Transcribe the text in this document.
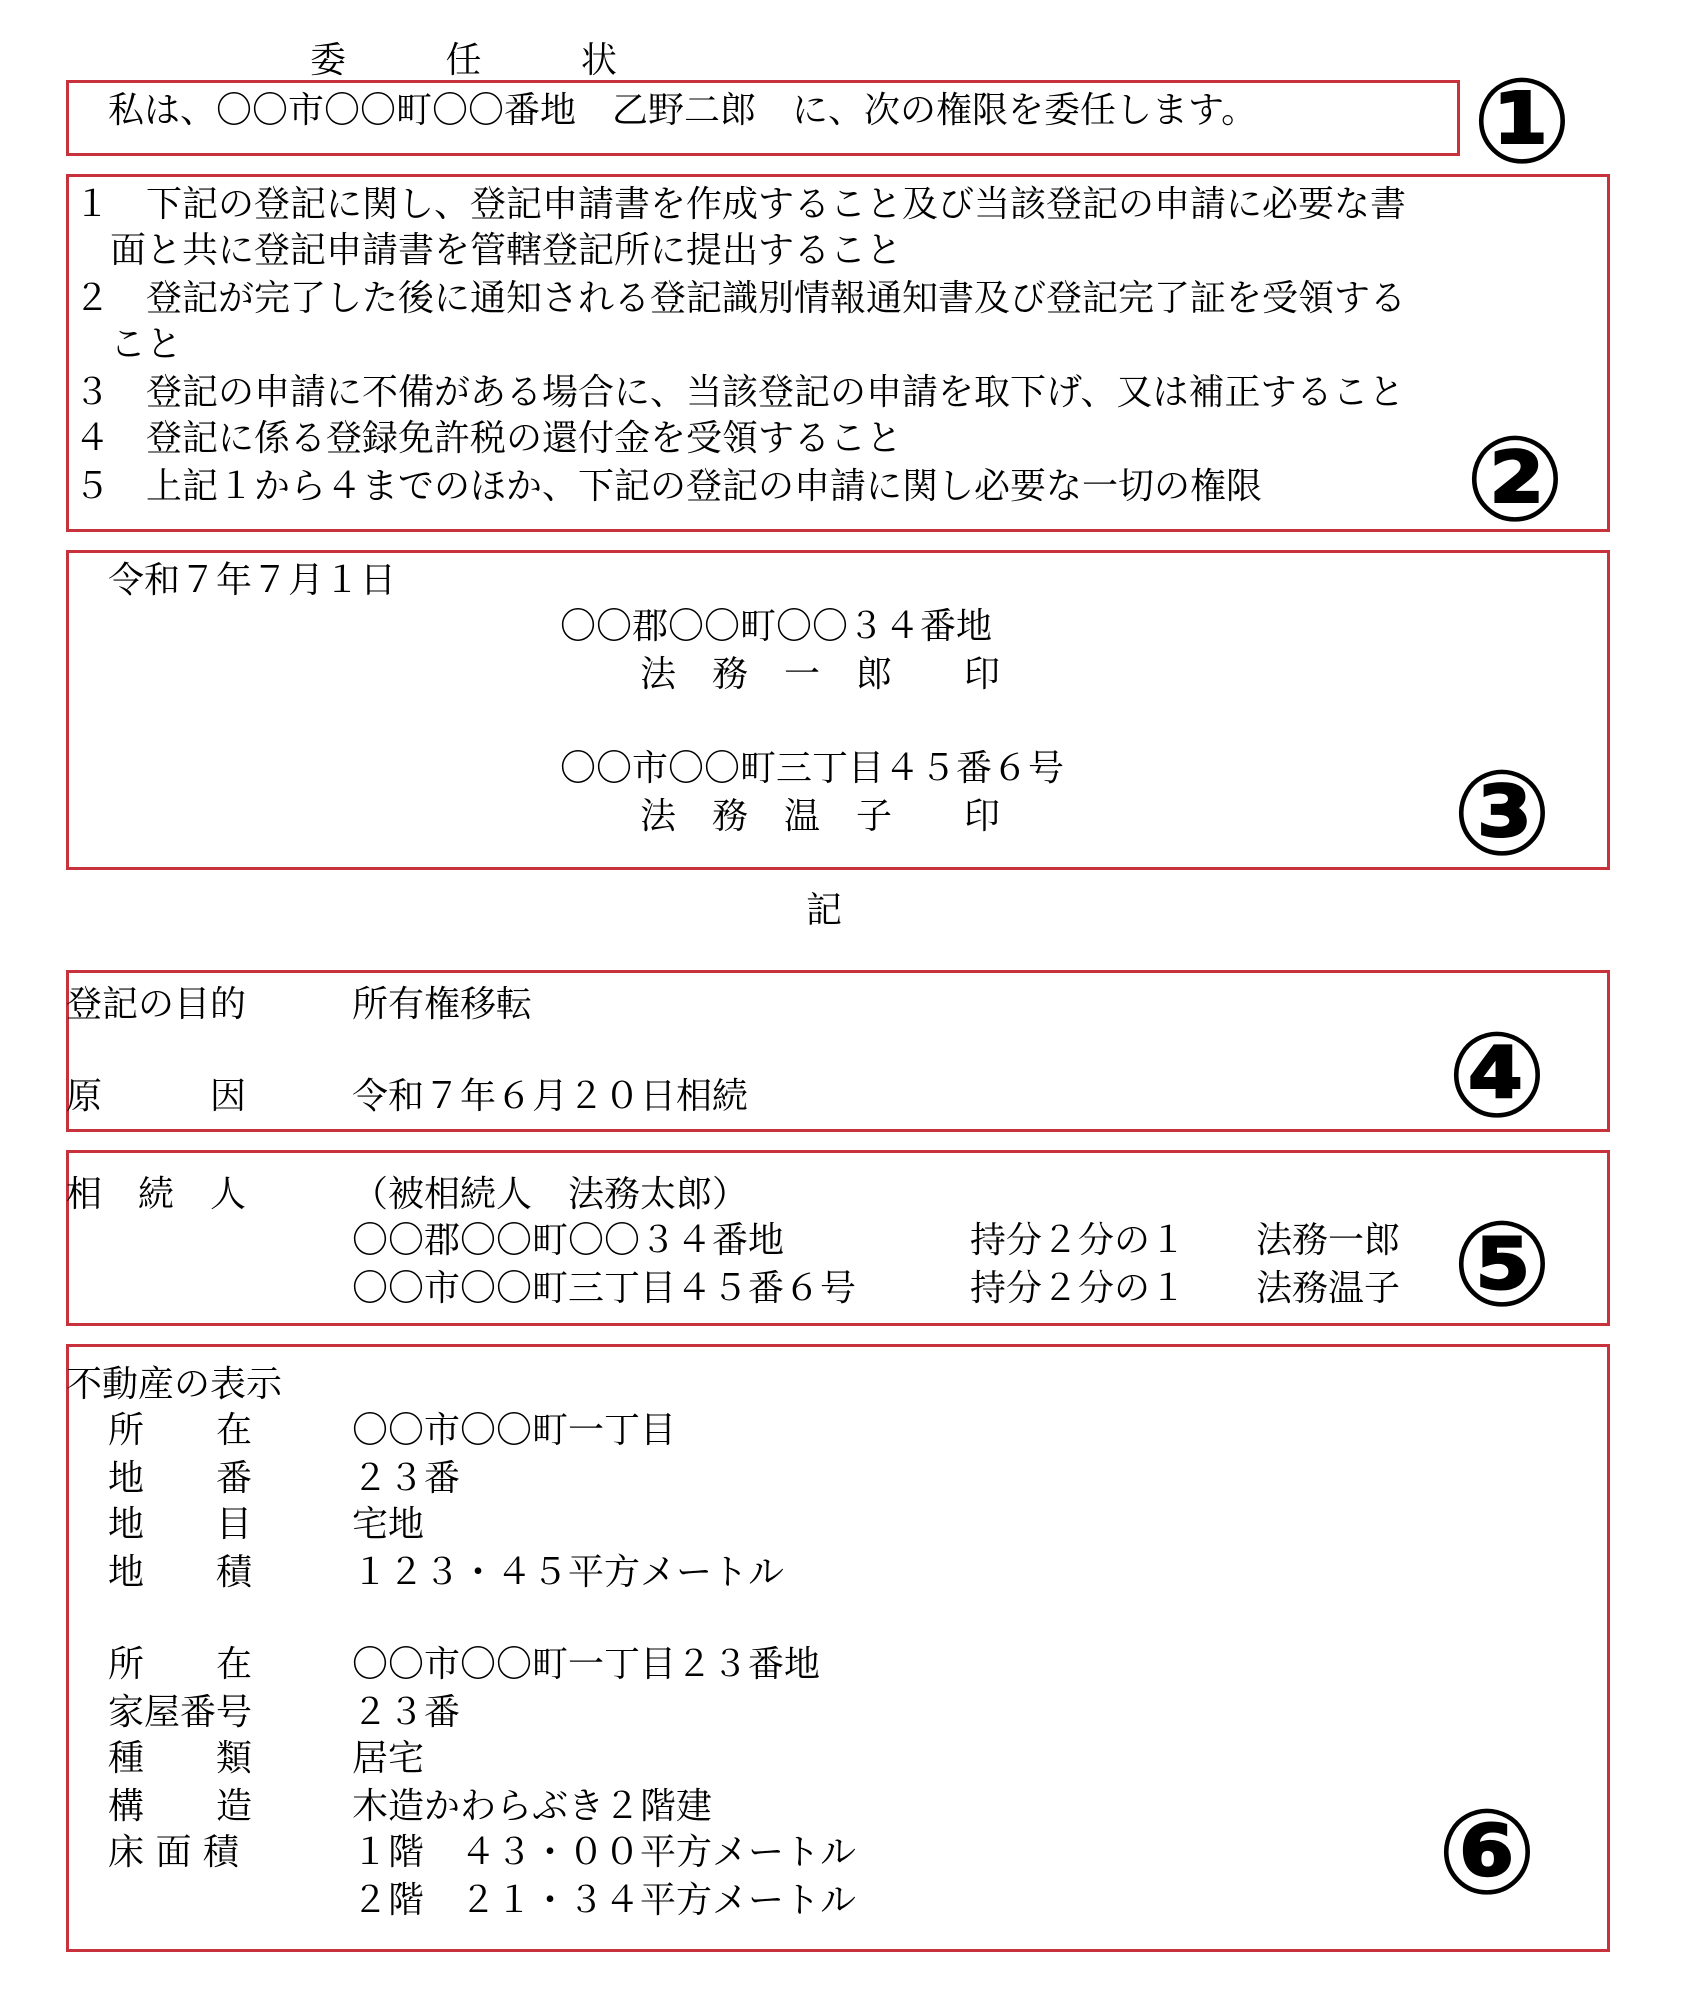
委 任 状
私は、〇〇市〇〇町〇〇番地　乙野二郎　に、次の権限を委任します。 ①
１　下記の登記に関し、登記申請書を作成すること及び当該登記の申請に必要な書
　面と共に登記申請書を管轄登記所に提出すること
２　登記が完了した後に通知される登記識別情報通知書及び登記完了証を受領する
　こと
３　登記の申請に不備がある場合に、当該登記の申請を取下げ、又は補正すること
４　登記に係る登録免許税の還付金を受領すること
５　上記１から４までのほか、下記の登記の申請に関し必要な一切の権限 ②
令和７年７月１日
〇〇郡〇〇町〇〇３４番地
法　務　一　郎　　印
〇〇市〇〇町三丁目４５番６号
法　務　温　子　　印	③
記
登記の目的	所有権移転
原　　　因	令和７年６月２０日相続	④
相　続　人	（被相続人　法務太郎）
〇〇郡〇〇町〇〇３４番地	持分２分の１ 法務一郎
〇〇市〇〇町三丁目４５番６号	持分２分の１ 法務温子 ⑤
不動産の表示
所　　在	〇〇市〇〇町一丁目
地　　番	２３番
地　　目	宅地
地　　積	１２３・４５平方メートル
所　　在	〇〇市〇〇町一丁目２３番地
家屋番号	２３番
種　　類	居宅
構　　造	木造かわらぶき２階建
床 面 積	１階　４３・００平方メートル
２階　２１・３４平方メートル	⑥
